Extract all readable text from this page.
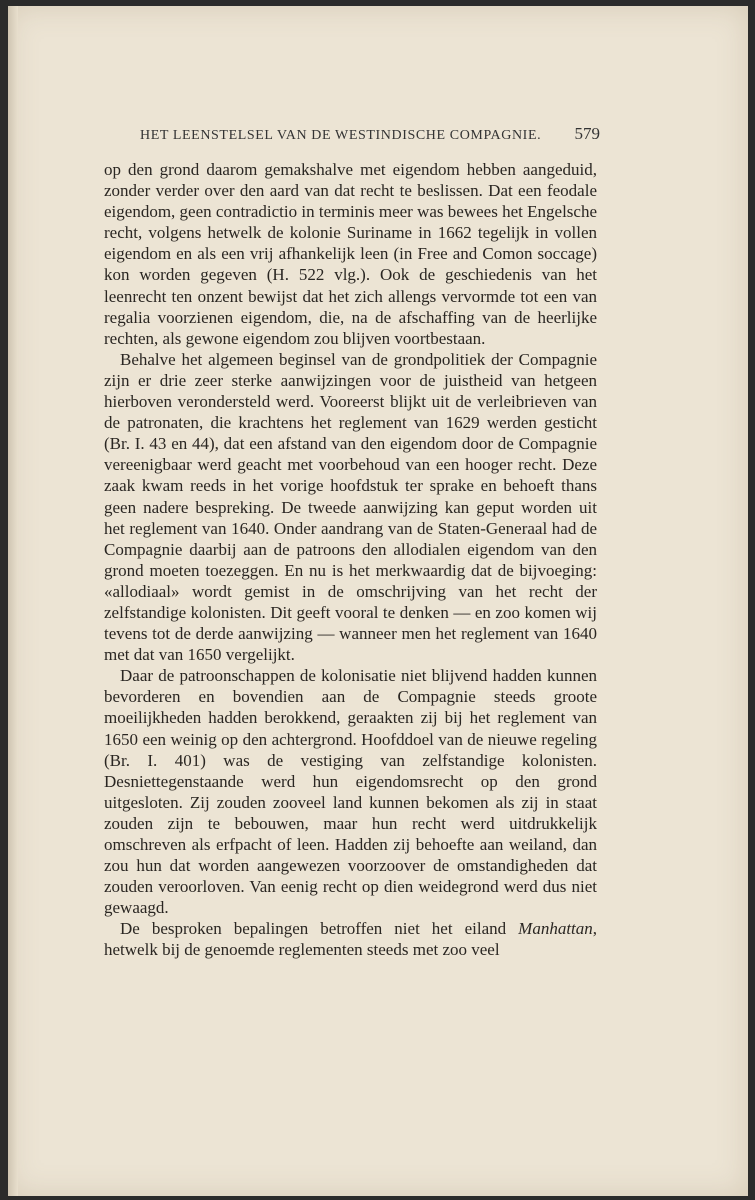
HET LEENSTELSEL VAN DE WESTINDISCHE COMPAGNIE. 579

op den grond daarom gemakshalve met eigendom hebben aangeduid, zonder verder over den aard van dat recht te beslissen. Dat een feodale eigendom, geen contradictio in terminis meer was bewees het Engelsche recht, volgens hetwelk de kolonie Suriname in 1662 tegelijk in vollen eigendom en als een vrij afhankelijk leen (in Free and Comon soccage) kon worden gegeven (H. 522 vlg.). Ook de geschiedenis van het leenrecht ten onzent bewijst dat het zich allengs vervormde tot een van regalia voorzienen eigendom, die, na de afschaffing van de heerlijke rechten, als gewone eigendom zou blijven voortbestaan.

Behalve het algemeen beginsel van de grondpolitiek der Compagnie zijn er drie zeer sterke aanwijzingen voor de juistheid van hetgeen hierboven verondersteld werd. Vooreerst blijkt uit de verleibrieven van de patronaten, die krachtens het reglement van 1629 werden gesticht (Br. I. 43 en 44), dat een afstand van den eigendom door de Compagnie vereenigbaar werd geacht met voorbehoud van een hooger recht. Deze zaak kwam reeds in het vorige hoofdstuk ter sprake en behoeft thans geen nadere bespreking. De tweede aanwijzing kan geput worden uit het reglement van 1640. Onder aandrang van de Staten-Generaal had de Compagnie daarbij aan de patroons den allodialen eigendom van den grond moeten toezeggen. En nu is het merkwaardig dat de bijvoeging: «allodiaal» wordt gemist in de omschrijving van het recht der zelfstandige kolonisten. Dit geeft vooral te denken — en zoo komen wij tevens tot de derde aanwijzing — wanneer men het reglement van 1640 met dat van 1650 vergelijkt.

Daar de patroonschappen de kolonisatie niet blijvend hadden kunnen bevorderen en bovendien aan de Compagnie steeds groote moeilijkheden hadden berokkend, geraakten zij bij het reglement van 1650 een weinig op den achtergrond. Hoofddoel van de nieuwe regeling (Br. I. 401) was de vestiging van zelfstandige kolonisten. Desniettegenstaande werd hun eigendomsrecht op den grond uitgesloten. Zij zouden zooveel land kunnen bekomen als zij in staat zouden zijn te bebouwen, maar hun recht werd uitdrukkelijk omschreven als erfpacht of leen. Hadden zij behoefte aan weiland, dan zou hun dat worden aangewezen voorzoover de omstandigheden dat zouden veroorloven. Van eenig recht op dien weidegrond werd dus niet gewaagd.

De besproken bepalingen betroffen niet het eiland Manhattan, hetwelk bij de genoemde reglementen steeds met zoo veel
